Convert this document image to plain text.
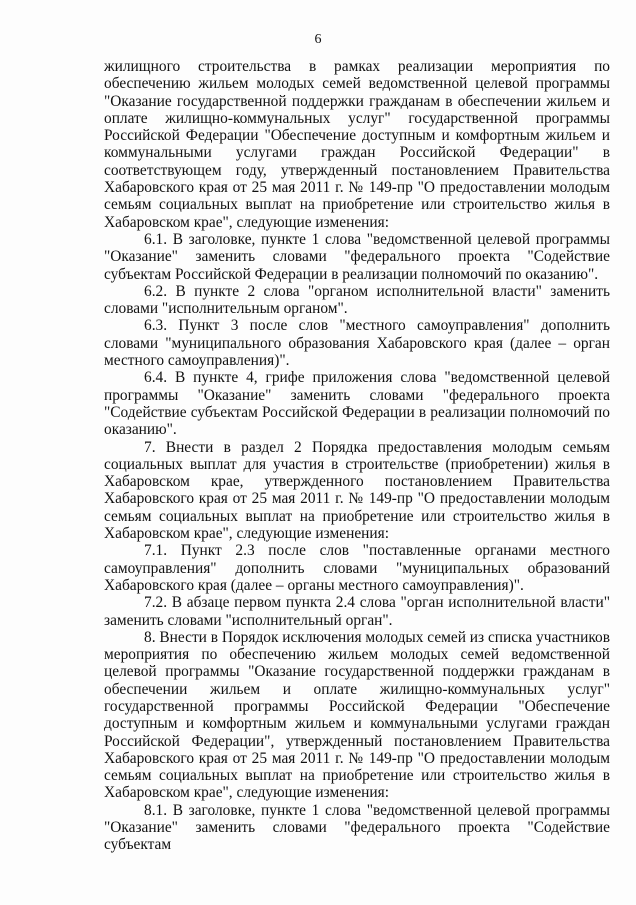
6

жилищного строительства в рамках реализации мероприятия по обеспечению жильем молодых семей ведомственной целевой программы "Оказание государственной поддержки гражданам в обеспечении жильем и оплате жилищно-коммунальных услуг" государственной программы Российской Федерации "Обеспечение доступным и комфортным жильем и коммунальными услугами граждан Российской Федерации" в соответствующем году, утвержденный постановлением Правительства Хабаровского края от 25 мая 2011 г. № 149-пр "О предоставлении молодым семьям социальных выплат на приобретение или строительство жилья в Хабаровском крае", следующие изменения:

6.1. В заголовке, пункте 1 слова "ведомственной целевой программы "Оказание" заменить словами "федерального проекта "Содействие субъектам Российской Федерации в реализации полномочий по оказанию".

6.2. В пункте 2 слова "органом исполнительной власти" заменить словами "исполнительным органом".

6.3. Пункт 3 после слов "местного самоуправления" дополнить словами "муниципального образования Хабаровского края (далее – орган местного самоуправления)".

6.4. В пункте 4, грифе приложения слова "ведомственной целевой программы "Оказание" заменить словами "федерального проекта "Содействие субъектам Российской Федерации в реализации полномочий по оказанию".

7. Внести в раздел 2 Порядка предоставления молодым семьям социальных выплат для участия в строительстве (приобретении) жилья в Хабаровском крае, утвержденного постановлением Правительства Хабаровского края от 25 мая 2011 г. № 149-пр "О предоставлении молодым семьям социальных выплат на приобретение или строительство жилья в Хабаровском крае", следующие изменения:

7.1. Пункт 2.3 после слов "поставленные органами местного самоуправления" дополнить словами "муниципальных образований Хабаровского края (далее – органы местного самоуправления)".

7.2. В абзаце первом пункта 2.4 слова "орган исполнительной власти" заменить словами "исполнительный орган".

8. Внести в Порядок исключения молодых семей из списка участников мероприятия по обеспечению жильем молодых семей ведомственной целевой программы "Оказание государственной поддержки гражданам в обеспечении жильем и оплате жилищно-коммунальных услуг" государственной программы Российской Федерации "Обеспечение доступным и комфортным жильем и коммунальными услугами граждан Российской Федерации", утвержденный постановлением Правительства Хабаровского края от 25 мая 2011 г. № 149-пр "О предоставлении молодым семьям социальных выплат на приобретение или строительство жилья в Хабаровском крае", следующие изменения:

8.1. В заголовке, пункте 1 слова "ведомственной целевой программы "Оказание" заменить словами "федерального проекта "Содействие субъектам
